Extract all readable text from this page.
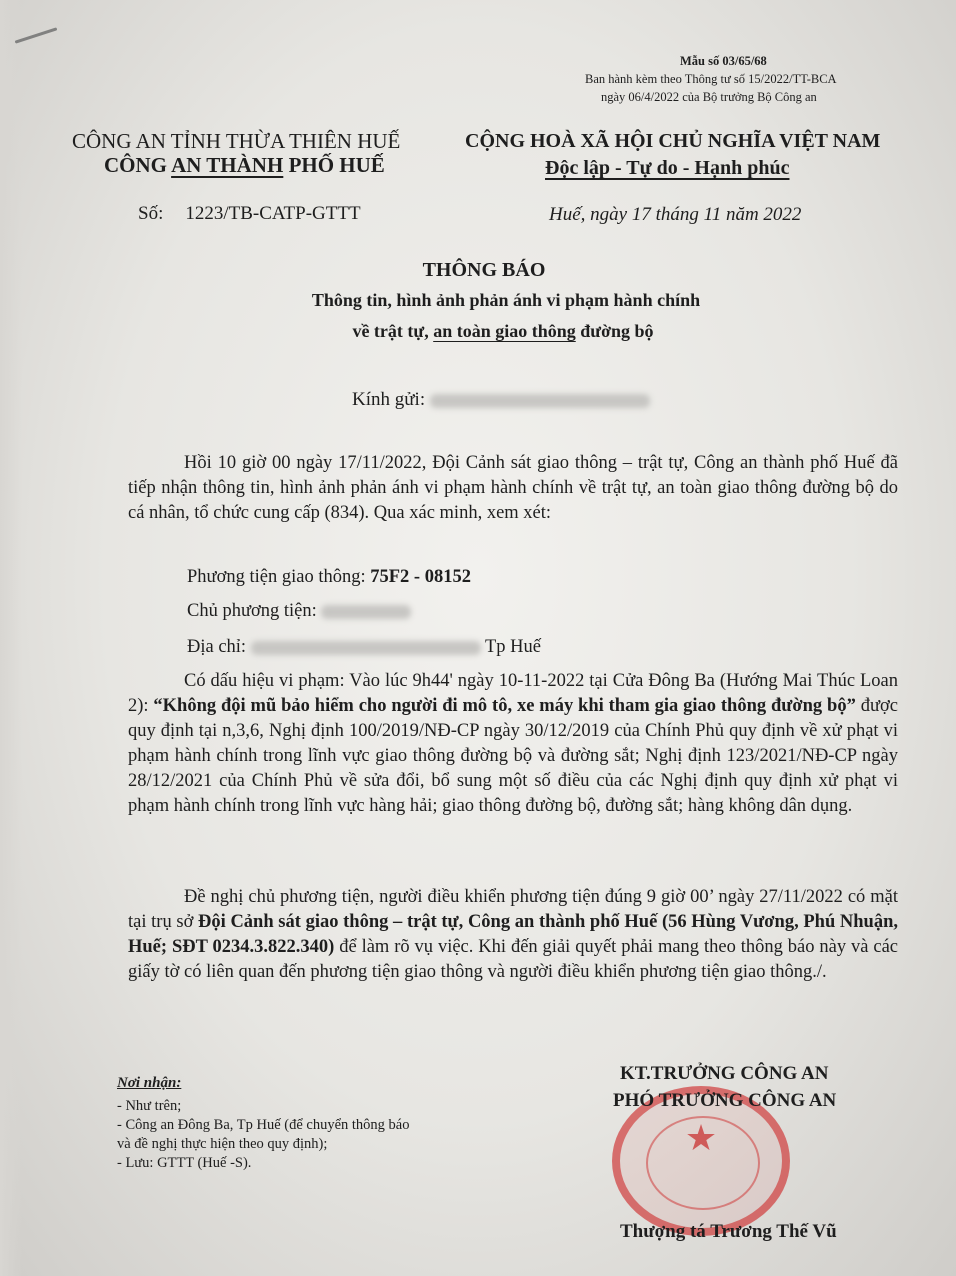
Mẫu số 03/65/68
Ban hành kèm theo Thông tư số 15/2022/TT-BCA
ngày 06/4/2022 của Bộ trưởng Bộ Công an
CÔNG AN TỈNH THỪA THIÊN HUẾ
CÔNG AN THÀNH PHỐ HUẾ
CỘNG HOÀ XÃ HỘI CHỦ NGHĨA VIỆT NAM
Độc lập - Tự do - Hạnh phúc
Số: 1223/TB-CATP-GTTT	Huế, ngày 17 tháng 11 năm 2022
THÔNG BÁO
Thông tin, hình ảnh phản ánh vi phạm hành chính
về trật tự, an toàn giao thông đường bộ
Kính gửi:
Hồi 10 giờ 00 ngày 17/11/2022, Đội Cảnh sát giao thông – trật tự, Công an thành phố Huế đã tiếp nhận thông tin, hình ảnh phản ánh vi phạm hành chính về trật tự, an toàn giao thông đường bộ do cá nhân, tổ chức cung cấp (834). Qua xác minh, xem xét:
Phương tiện giao thông: 75F2 - 08152
Chủ phương tiện:
Địa chỉ:	Tp Huế
Có dấu hiệu vi phạm: Vào lúc 9h44' ngày 10-11-2022 tại Cửa Đông Ba (Hướng Mai Thúc Loan 2): “Không đội mũ bảo hiểm cho người đi mô tô, xe máy khi tham gia giao thông đường bộ” được quy định tại n,3,6, Nghị định 100/2019/NĐ-CP ngày 30/12/2019 của Chính Phủ quy định về xử phạt vi phạm hành chính trong lĩnh vực giao thông đường bộ và đường sắt; Nghị định 123/2021/NĐ-CP ngày 28/12/2021 của Chính Phủ về sửa đổi, bổ sung một số điều của các Nghị định quy định xử phạt vi phạm hành chính trong lĩnh vực hàng hải; giao thông đường bộ, đường sắt; hàng không dân dụng.
Đề nghị chủ phương tiện, người điều khiển phương tiện đúng 9 giờ 00’ ngày 27/11/2022 có mặt tại trụ sở Đội Cảnh sát giao thông – trật tự, Công an thành phố Huế (56 Hùng Vương, Phú Nhuận, Huế; SĐT 0234.3.822.340) để làm rõ vụ việc. Khi đến giải quyết phải mang theo thông báo này và các giấy tờ có liên quan đến phương tiện giao thông và người điều khiển phương tiện giao thông./.
Nơi nhận:
- Như trên;
- Công an Đông Ba, Tp Huế (để chuyển thông báo
và đề nghị thực hiện theo quy định);
- Lưu: GTTT (Huế -S).
★
KT.TRƯỞNG CÔNG AN
PHÓ TRƯỞNG CÔNG AN
Thượng tá Trương Thế Vũ
